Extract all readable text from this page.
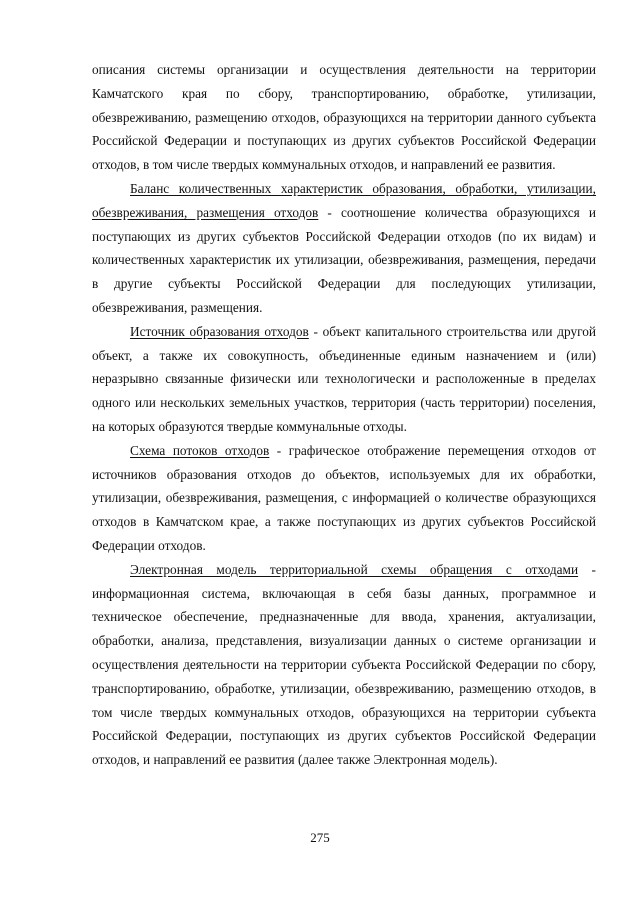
описания системы организации и осуществления деятельности на территории Камчатского края по сбору, транспортированию, обработке, утилизации, обезвреживанию, размещению отходов, образующихся на территории данного субъекта Российской Федерации и поступающих из других субъектов Российской Федерации отходов, в том числе твердых коммунальных отходов, и направлений ее развития.

Баланс количественных характеристик образования, обработки, утилизации, обезвреживания, размещения отходов - соотношение количества образующихся и поступающих из других субъектов Российской Федерации отходов (по их видам) и количественных характеристик их утилизации, обезвреживания, размещения, передачи в другие субъекты Российской Федерации для последующих утилизации, обезвреживания, размещения.

Источник образования отходов - объект капитального строительства или другой объект, а также их совокупность, объединенные единым назначением и (или) неразрывно связанные физически или технологически и расположенные в пределах одного или нескольких земельных участков, территория (часть территории) поселения, на которых образуются твердые коммунальные отходы.

Схема потоков отходов - графическое отображение перемещения отходов от источников образования отходов до объектов, используемых для их обработки, утилизации, обезвреживания, размещения, с информацией о количестве образующихся отходов в Камчатском крае, а также поступающих из других субъектов Российской Федерации отходов.

Электронная модель территориальной схемы обращения с отходами - информационная система, включающая в себя базы данных, программное и техническое обеспечение, предназначенные для ввода, хранения, актуализации, обработки, анализа, представления, визуализации данных о системе организации и осуществления деятельности на территории субъекта Российской Федерации по сбору, транспортированию, обработке, утилизации, обезвреживанию, размещению отходов, в том числе твердых коммунальных отходов, образующихся на территории субъекта Российской Федерации, поступающих из других субъектов Российской Федерации отходов, и направлений ее развития (далее также Электронная модель).

275
